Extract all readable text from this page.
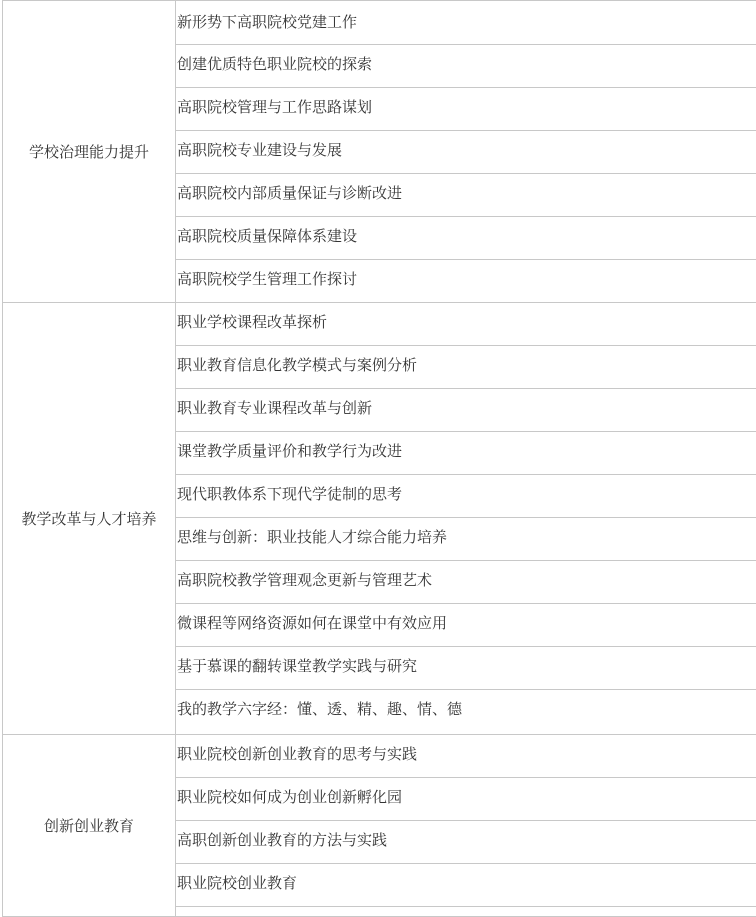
学校治理能力提升	新形势下高职院校党建工作
	创建优质特色职业院校的探索
	高职院校管理与工作思路谋划
	高职院校专业建设与发展
	高职院校内部质量保证与诊断改进
	高职院校质量保障体系建设
	高职院校学生管理工作探讨
教学改革与人才培养	职业学校课程改革探析
	职业教育信息化教学模式与案例分析
	职业教育专业课程改革与创新
	课堂教学质量评价和教学行为改进
	现代职教体系下现代学徒制的思考
	思维与创新：职业技能人才综合能力培养
	高职院校教学管理观念更新与管理艺术
	微课程等网络资源如何在课堂中有效应用
	基于慕课的翻转课堂教学实践与研究
	我的教学六字经：懂、透、精、趣、情、德
创新创业教育	职业院校创新创业教育的思考与实践
	职业院校如何成为创业创新孵化园
	高职创新创业教育的方法与实践
	职业院校创业教育
